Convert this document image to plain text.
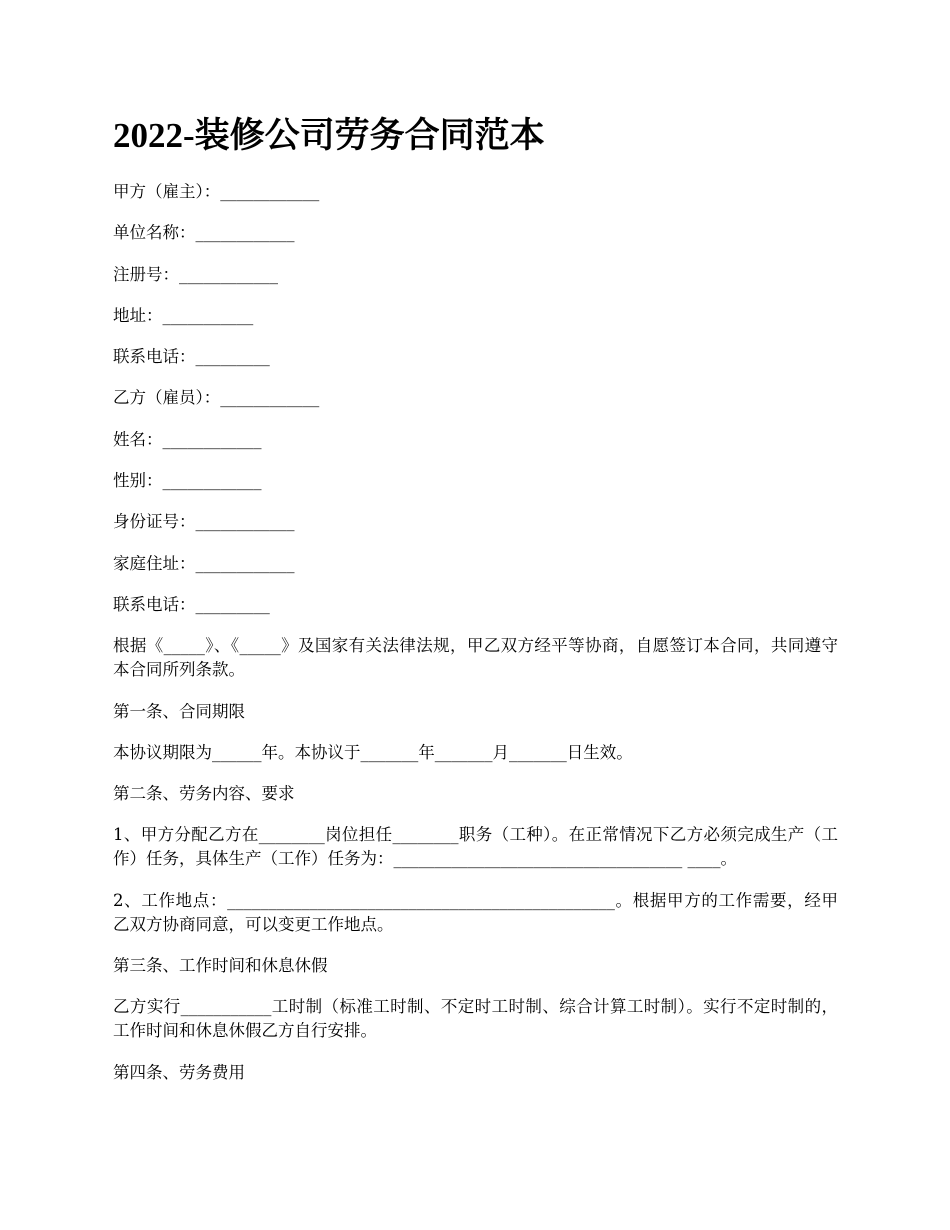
2022-装修公司劳务合同范本
甲方（雇主）：____________
单位名称：____________
注册号：____________
地址：___________
联系电话：_________
乙方（雇员）：____________
姓名：____________
性别：____________
身份证号：____________
家庭住址：____________
联系电话：_________
根据《_____》、《_____》及国家有关法律法规，甲乙双方经平等协商，自愿签订本合同，共同遵守本合同所列条款。
第一条、合同期限
本协议期限为______年。本协议于_______年_______月_______日生效。
第二条、劳务内容、要求
1、甲方分配乙方在________岗位担任________职务（工种）。在正常情况下乙方必须完成生产（工作）任务，具体生产（工作）任务为：___________________________________ ____。
2、工作地点：_______________________________________________。根据甲方的工作需要，经甲乙双方协商同意，可以变更工作地点。
第三条、工作时间和休息休假
乙方实行___________工时制（标准工时制、不定时工时制、综合计算工时制）。实行不定时制的，工作时间和休息休假乙方自行安排。
第四条、劳务费用
